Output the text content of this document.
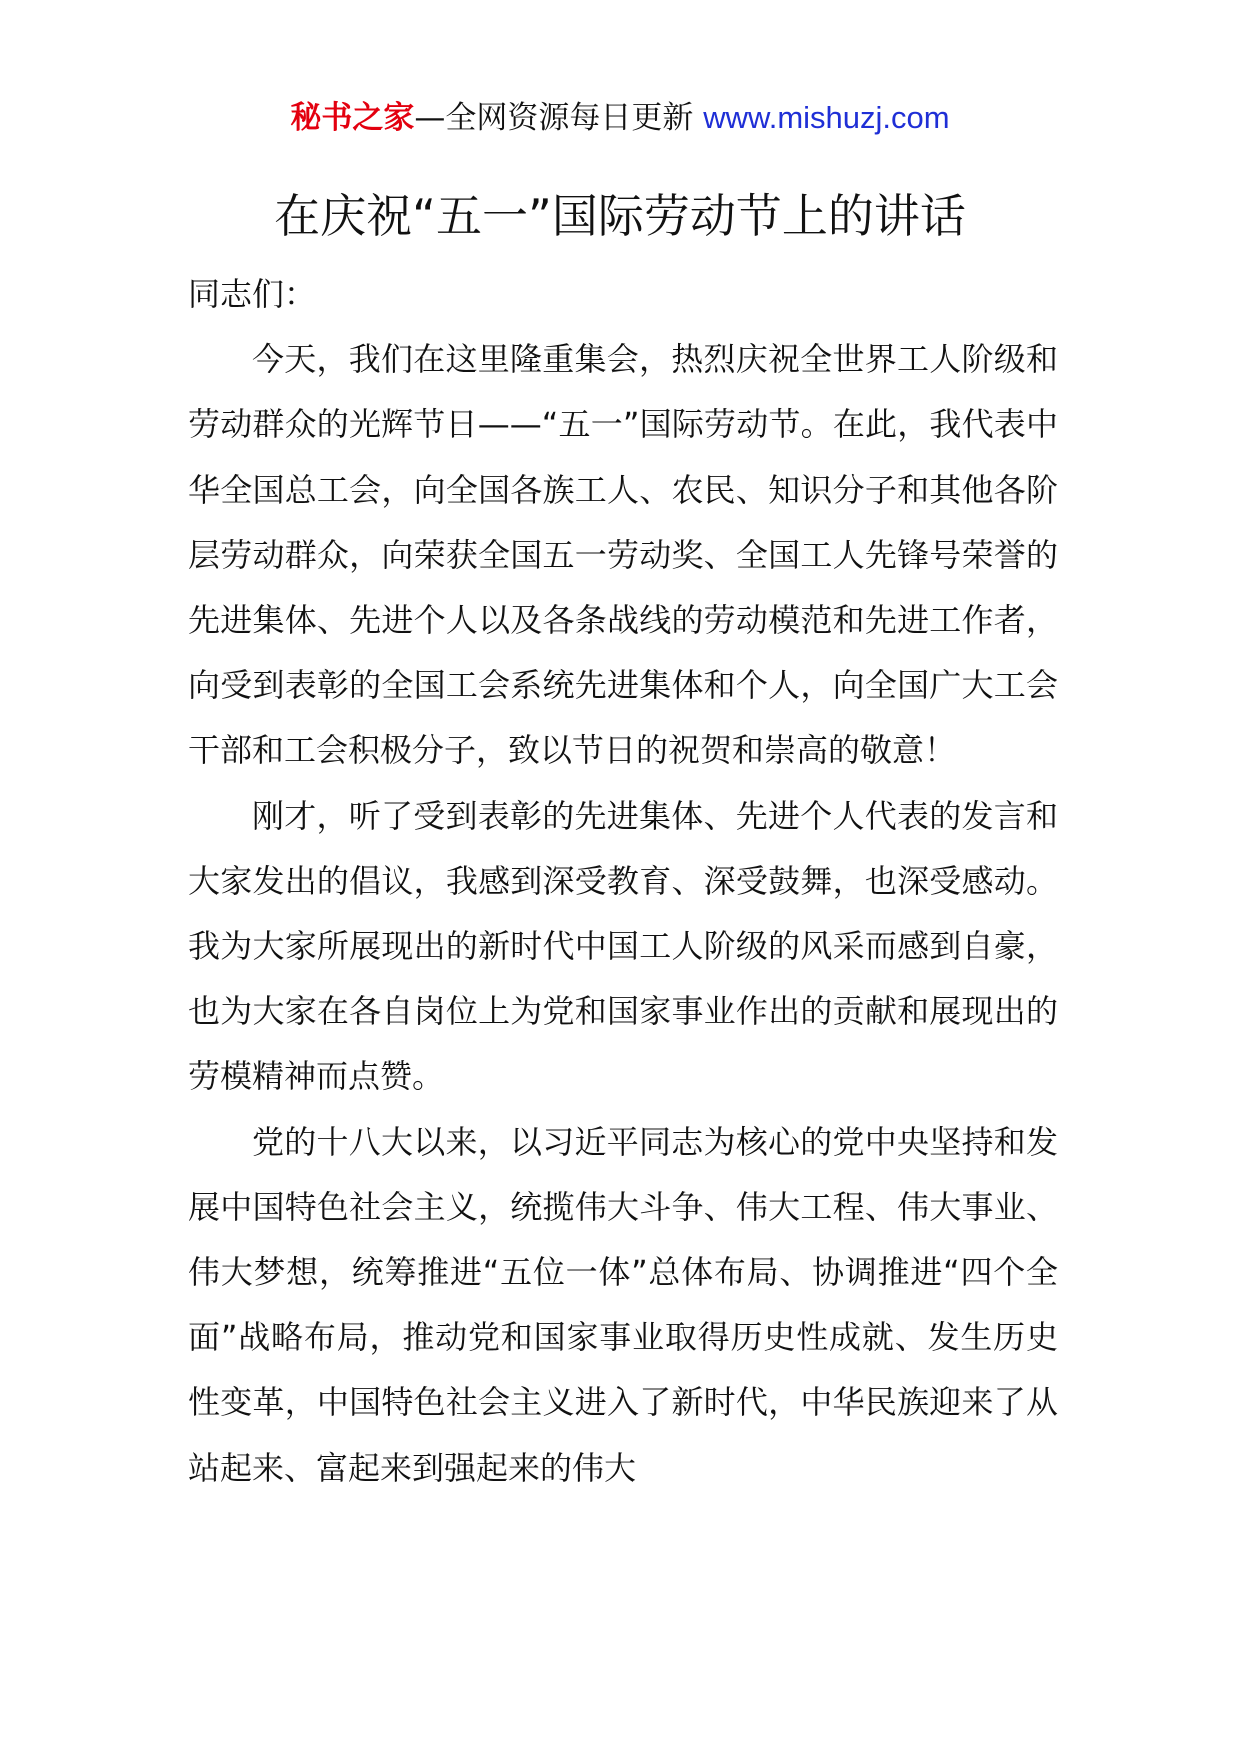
秘书之家—全网资源每日更新 www.mishuzj.com
在庆祝“五一”国际劳动节上的讲话

同志们：

今天，我们在这里隆重集会，热烈庆祝全世界工人阶级和劳动群众的光辉节日——“五一”国际劳动节。在此，我代表中华全国总工会，向全国各族工人、农民、知识分子和其他各阶层劳动群众，向荣获全国五一劳动奖、全国工人先锋号荣誉的先进集体、先进个人以及各条战线的劳动模范和先进工作者，向受到表彰的全国工会系统先进集体和个人，向全国广大工会干部和工会积极分子，致以节日的祝贺和崇高的敬意！

刚才，听了受到表彰的先进集体、先进个人代表的发言和大家发出的倡议，我感到深受教育、深受鼓舞，也深受感动。我为大家所展现出的新时代中国工人阶级的风采而感到自豪，也为大家在各自岗位上为党和国家事业作出的贡献和展现出的劳模精神而点赞。

党的十八大以来，以习近平同志为核心的党中央坚持和发展中国特色社会主义，统揽伟大斗争、伟大工程、伟大事业、伟大梦想，统筹推进“五位一体”总体布局、协调推进“四个全面”战略布局，推动党和国家事业取得历史性成就、发生历史性变革，中国特色社会主义进入了新时代，中华民族迎来了从站起来、富起来到强起来的伟大
